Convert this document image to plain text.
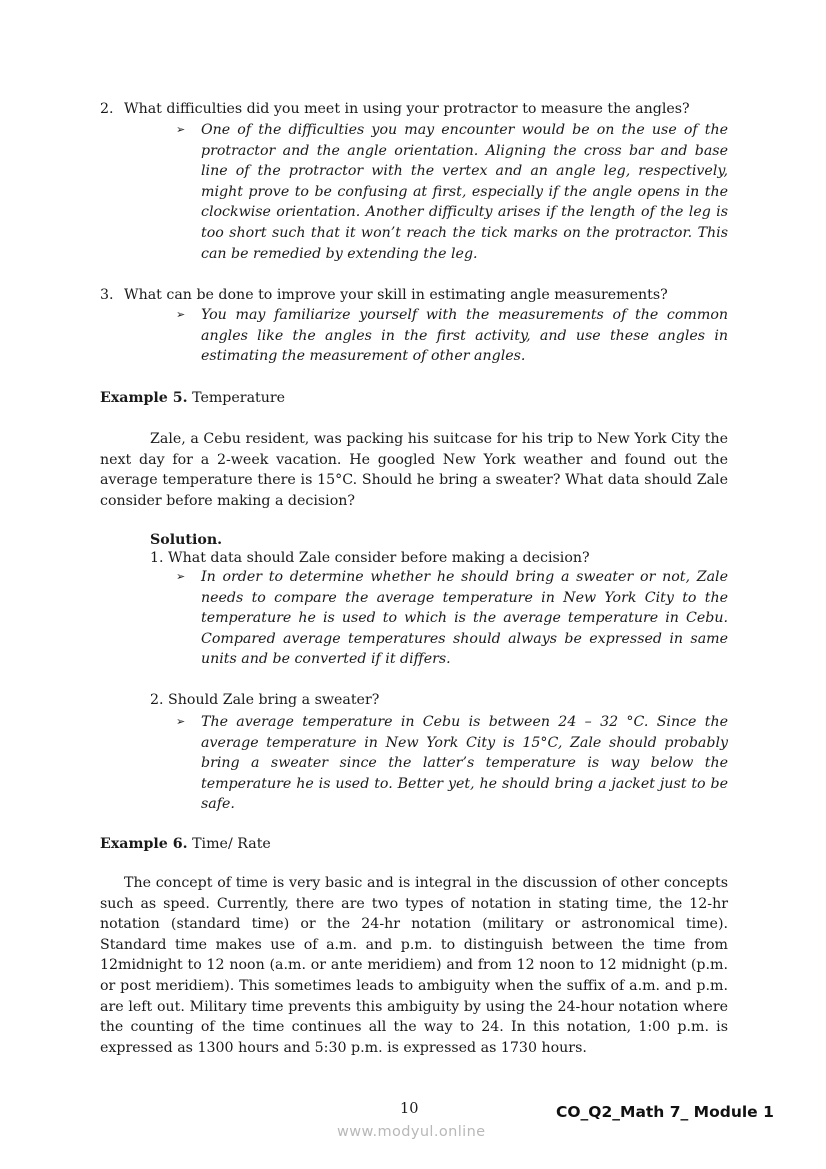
2. What difficulties did you meet in using your protractor to measure the angles?
➢ One of the difficulties you may encounter would be on the use of the protractor and the angle orientation. Aligning the cross bar and base line of the protractor with the vertex and an angle leg, respectively, might prove to be confusing at first, especially if the angle opens in the clockwise orientation. Another difficulty arises if the length of the leg is too short such that it won’t reach the tick marks on the protractor. This can be remedied by extending the leg.
3. What can be done to improve your skill in estimating angle measurements?
➢ You may familiarize yourself with the measurements of the common angles like the angles in the first activity, and use these angles in estimating the measurement of other angles.
Example 5. Temperature
Zale, a Cebu resident, was packing his suitcase for his trip to New York City the next day for a 2-week vacation. He googled New York weather and found out the average temperature there is 15°C. Should he bring a sweater? What data should Zale consider before making a decision?
Solution.
1. What data should Zale consider before making a decision?
➢ In order to determine whether he should bring a sweater or not, Zale needs to compare the average temperature in New York City to the temperature he is used to which is the average temperature in Cebu. Compared average temperatures should always be expressed in same units and be converted if it differs.
2. Should Zale bring a sweater?
➢ The average temperature in Cebu is between 24 – 32 °C. Since the average temperature in New York City is 15°C, Zale should probably bring a sweater since the latter’s temperature is way below the temperature he is used to. Better yet, he should bring a jacket just to be safe.
Example 6. Time/ Rate
The concept of time is very basic and is integral in the discussion of other concepts such as speed. Currently, there are two types of notation in stating time, the 12-hr notation (standard time) or the 24-hr notation (military or astronomical time). Standard time makes use of a.m. and p.m. to distinguish between the time from 12midnight to 12 noon (a.m. or ante meridiem) and from 12 noon to 12 midnight (p.m. or post meridiem). This sometimes leads to ambiguity when the suffix of a.m. and p.m. are left out. Military time prevents this ambiguity by using the 24-hour notation where the counting of the time continues all the way to 24. In this notation, 1:00 p.m. is expressed as 1300 hours and 5:30 p.m. is expressed as 1730 hours.
10	CO_Q2_Math 7_ Module 1
www.modyul.online
